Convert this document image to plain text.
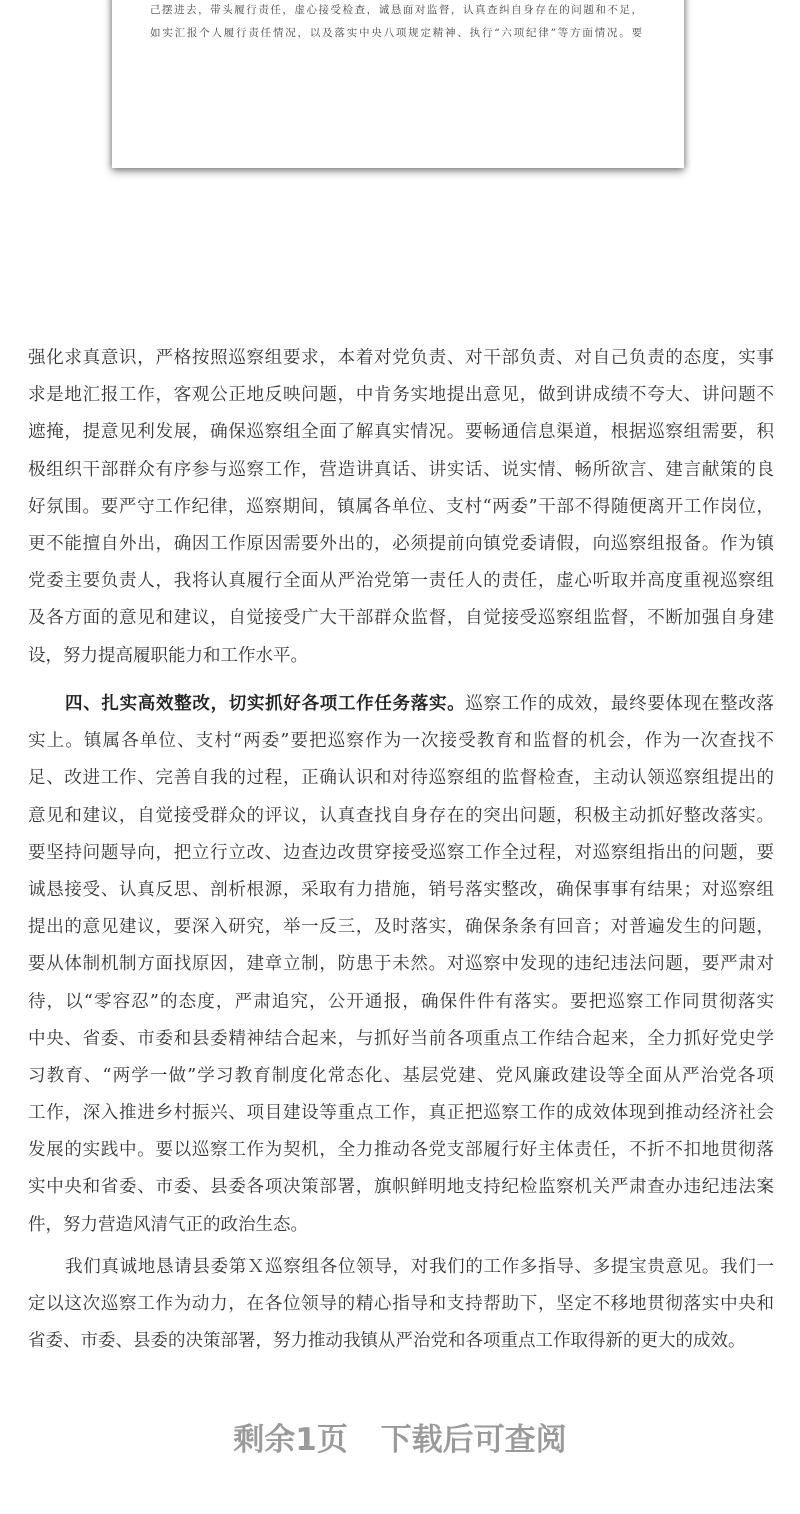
己摆进去，带头履行责任，虚心接受检查，诚恳面对监督，认真查纠自身存在的问题和不足，
如实汇报个人履行责任情况，以及落实中央八项规定精神、执行“六项纪律”等方面情况。要
强化求真意识，严格按照巡察组要求，本着对党负责、对干部负责、对自己负责的态度，实事
求是地汇报工作，客观公正地反映问题，中肯务实地提出意见，做到讲成绩不夸大、讲问题不
遮掩，提意见利发展，确保巡察组全面了解真实情况。要畅通信息渠道，根据巡察组需要，积
极组织干部群众有序参与巡察工作，营造讲真话、讲实话、说实情、畅所欲言、建言献策的良
好氛围。要严守工作纪律，巡察期间，镇属各单位、支村“两委”干部不得随便离开工作岗位，
更不能擅自外出，确因工作原因需要外出的，必须提前向镇党委请假，向巡察组报备。作为镇
党委主要负责人，我将认真履行全面从严治党第一责任人的责任，虚心听取并高度重视巡察组
及各方面的意见和建议，自觉接受广大干部群众监督，自觉接受巡察组监督，不断加强自身建
设，努力提高履职能力和工作水平。
四、扎实高效整改，切实抓好各项工作任务落实。巡察工作的成效，最终要体现在整改落
实上。镇属各单位、支村“两委”要把巡察作为一次接受教育和监督的机会，作为一次查找不
足、改进工作、完善自我的过程，正确认识和对待巡察组的监督检查，主动认领巡察组提出的
意见和建议，自觉接受群众的评议，认真查找自身存在的突出问题，积极主动抓好整改落实。
要坚持问题导向，把立行立改、边查边改贯穿接受巡察工作全过程，对巡察组指出的问题，要
诚恳接受、认真反思、剖析根源，采取有力措施，销号落实整改，确保事事有结果；对巡察组
提出的意见建议，要深入研究，举一反三，及时落实，确保条条有回音；对普遍发生的问题，
要从体制机制方面找原因，建章立制，防患于未然。对巡察中发现的违纪违法问题，要严肃对
待，以“零容忍”的态度，严肃追究，公开通报，确保件件有落实。要把巡察工作同贯彻落实
中央、省委、市委和县委精神结合起来，与抓好当前各项重点工作结合起来，全力抓好党史学
习教育、“两学一做”学习教育制度化常态化、基层党建、党风廉政建设等全面从严治党各项
工作，深入推进乡村振兴、项目建设等重点工作，真正把巡察工作的成效体现到推动经济社会
发展的实践中。要以巡察工作为契机，全力推动各党支部履行好主体责任，不折不扣地贯彻落
实中央和省委、市委、县委各项决策部署，旗帜鲜明地支持纪检监察机关严肃查办违纪违法案
件，努力营造风清气正的政治生态。
我们真诚地恳请县委第Ｘ巡察组各位领导，对我们的工作多指导、多提宝贵意见。我们一
定以这次巡察工作为动力，在各位领导的精心指导和支持帮助下，坚定不移地贯彻落实中央和
省委、市委、县委的决策部署，努力推动我镇从严治党和各项重点工作取得新的更大的成效。
剩余1页 下载后可查阅
